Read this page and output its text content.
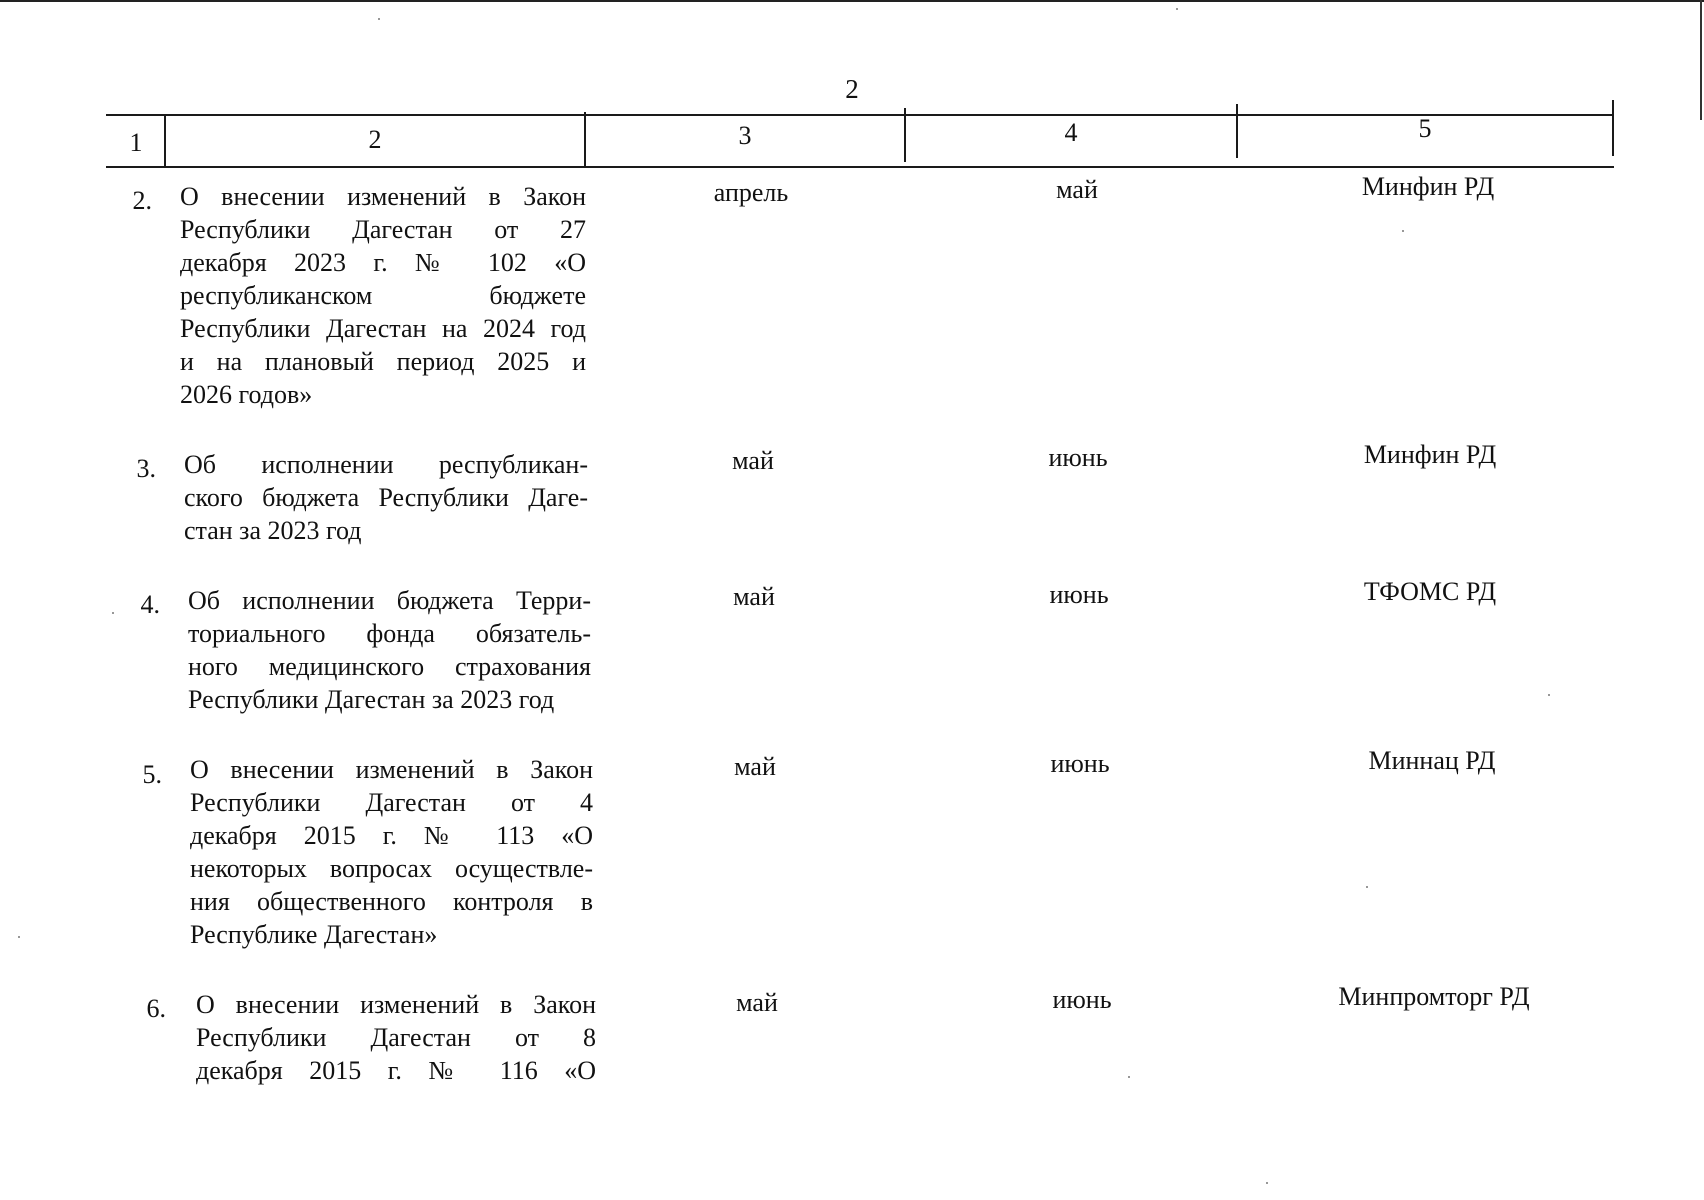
2
1	2	3	4	5
2. О внесении изменений в Закон
Республики Дагестан от 27
декабря 2023 г. № 102 «О
республиканском бюджете
Республики Дагестан на 2024 год
и на плановый период 2025 и
2026 годов»
апрель	май	Минфин РД
3. Об исполнении республикан-
ского бюджета Республики Даге-
стан за 2023 год
май	июнь	Минфин РД
4. Об исполнении бюджета Терри-
ториального фонда обязатель-
ного медицинского страхования
Республики Дагестан за 2023 год
май	июнь	ТФОМС РД
5. О внесении изменений в Закон
Республики Дагестан от 4
декабря 2015 г. № 113 «О
некоторых вопросах осуществле-
ния общественного контроля в
Республике Дагестан»
май	июнь	Миннац РД
6. О внесении изменений в Закон
Республики Дагестан от 8
декабря 2015 г. № 116 «О
май	июнь	Минпромторг РД
